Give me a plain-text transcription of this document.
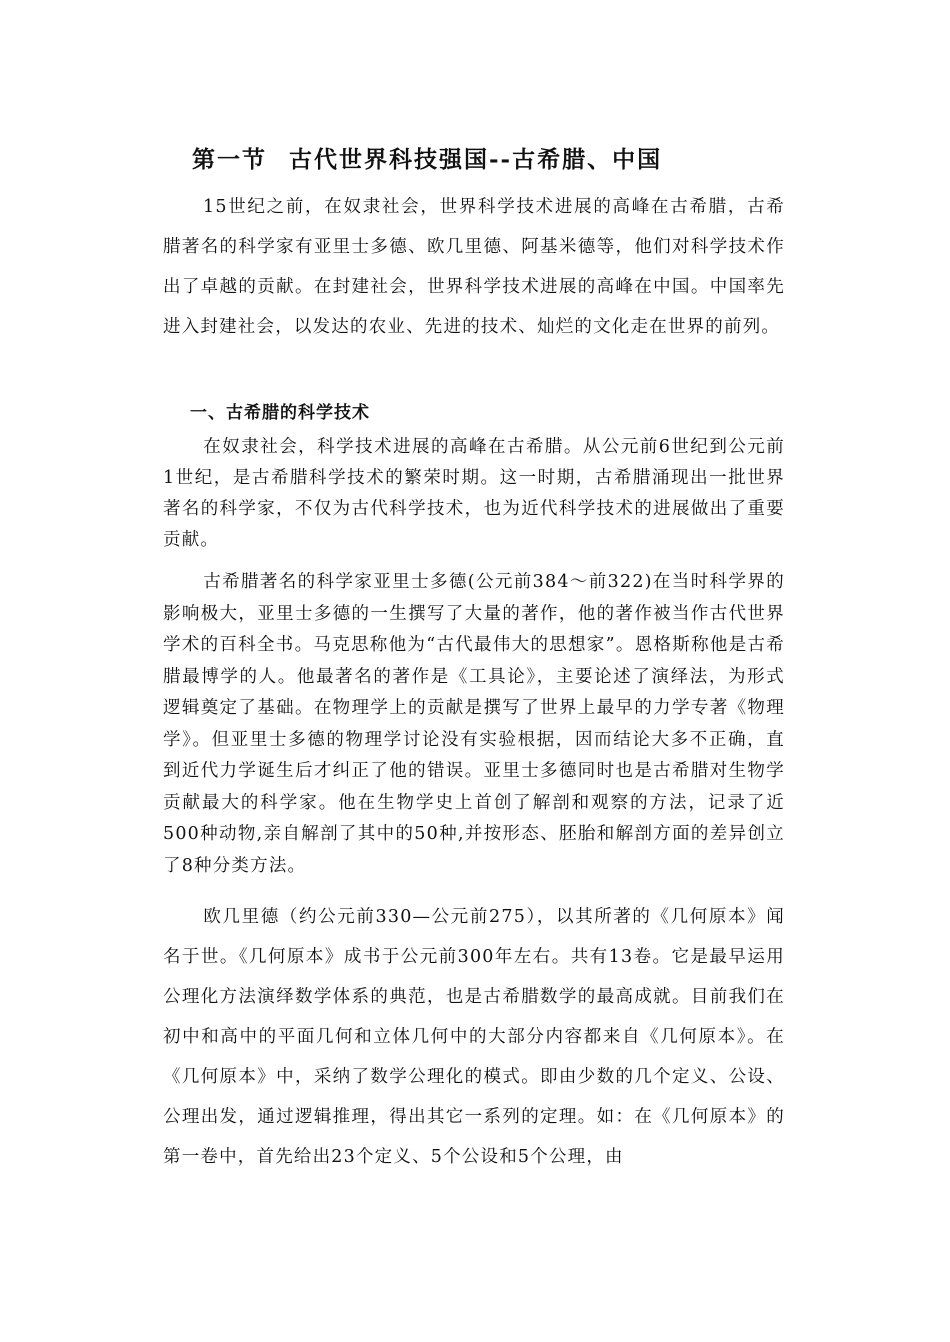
第一节 古代世界科技强国--古希腊、中国

15世纪之前，在奴隶社会，世界科学技术进展的高峰在古希腊，古希腊著名的科学家有亚里士多德、欧几里德、阿基米德等，他们对科学技术作出了卓越的贡献。在封建社会，世界科学技术进展的高峰在中国。中国率先进入封建社会，以发达的农业、先进的技术、灿烂的文化走在世界的前列。

一、古希腊的科学技术

在奴隶社会，科学技术进展的高峰在古希腊。从公元前6世纪到公元前1世纪，是古希腊科学技术的繁荣时期。这一时期，古希腊涌现出一批世界著名的科学家，不仅为古代科学技术，也为近代科学技术的进展做出了重要贡献。

古希腊著名的科学家亚里士多德(公元前384～前322)在当时科学界的影响极大，亚里士多德的一生撰写了大量的著作，他的著作被当作古代世界学术的百科全书。马克思称他为“古代最伟大的思想家”。恩格斯称他是古希腊最博学的人。他最著名的著作是《工具论》，主要论述了演绎法，为形式逻辑奠定了基础。在物理学上的贡献是撰写了世界上最早的力学专著《物理学》。但亚里士多德的物理学讨论没有实验根据，因而结论大多不正确，直到近代力学诞生后才纠正了他的错误。亚里士多德同时也是古希腊对生物学贡献最大的科学家。他在生物学史上首创了解剖和观察的方法，记录了近500种动物,亲自解剖了其中的50种,并按形态、胚胎和解剖方面的差异创立了8种分类方法。

欧几里德（约公元前330—公元前275），以其所著的《几何原本》闻名于世。《几何原本》成书于公元前300年左右。共有13卷。它是最早运用公理化方法演绎数学体系的典范，也是古希腊数学的最高成就。目前我们在初中和高中的平面几何和立体几何中的大部分内容都来自《几何原本》。在《几何原本》中，采纳了数学公理化的模式。即由少数的几个定义、公设、公理出发，通过逻辑推理，得出其它一系列的定理。如：在《几何原本》的第一卷中，首先给出23个定义、5个公设和5个公理，由
